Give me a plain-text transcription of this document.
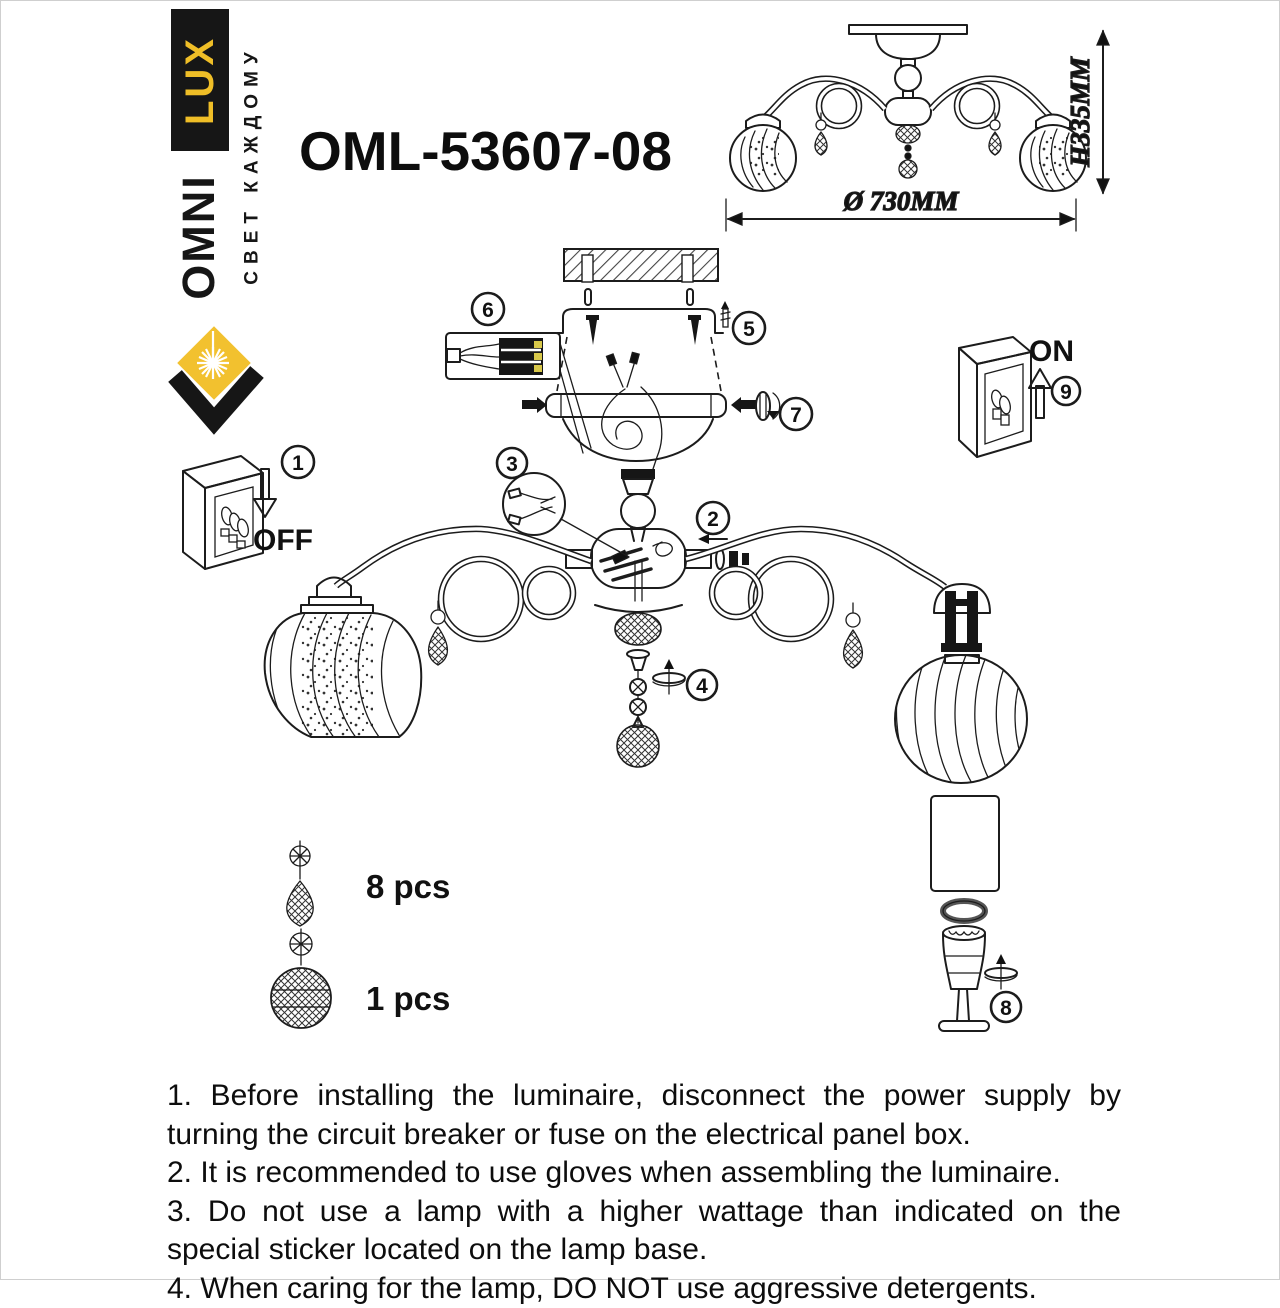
LUX
OMNI СВЕТ КАЖДОМУ OML-53607-08
Ø 730MM
H335MM
OFF
ON
8 pcs
1 pcs
1
2
3
4
5
6
7
8
9
1. Before installing the luminaire, disconnect the power supply by
turning the circuit breaker or fuse on the electrical panel box.
2. It is recommended to use gloves when assembling the luminaire.
3. Do not use a lamp with a higher wattage than indicated on the
special sticker located on the lamp base.
4. When caring for the lamp, DO NOT use aggressive detergents.
